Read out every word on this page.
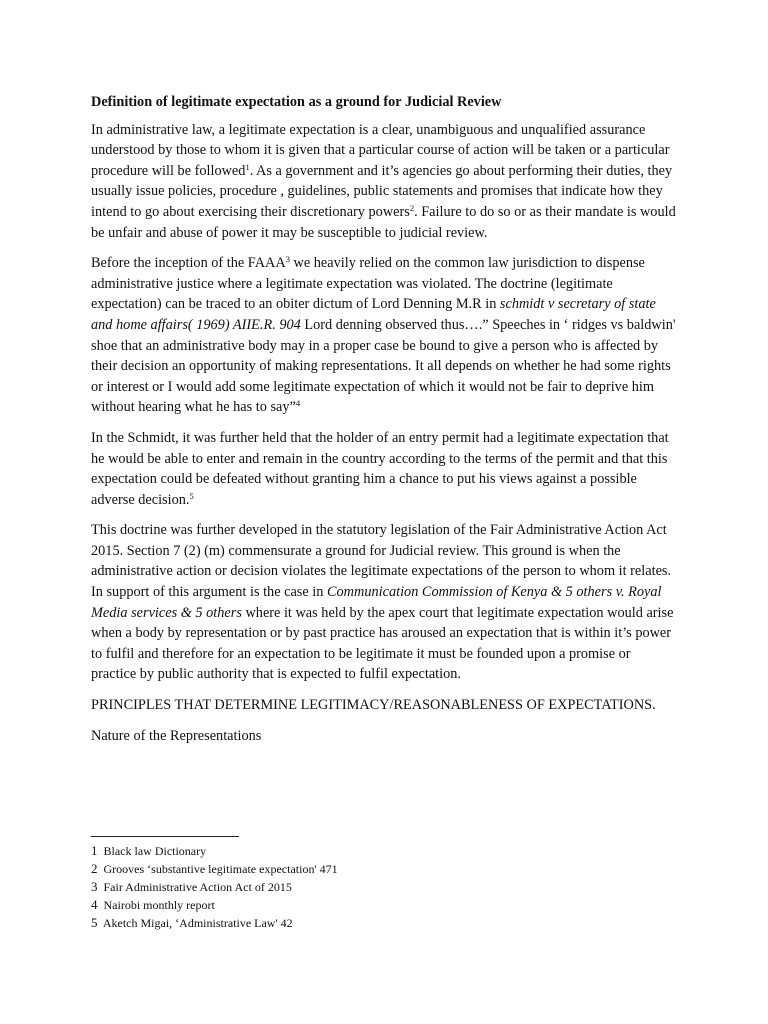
Definition of legitimate expectation as a ground for Judicial Review

In administrative law, a legitimate expectation is a clear, unambiguous and unqualified assurance understood by those to whom it is given that a particular course of action will be taken or a particular procedure will be followed$^1$. As a government and it’s agencies go about performing their duties, they usually issue policies, procedure , guidelines, public statements and promises that indicate how they intend to go about exercising their discretionary powers$^2$. Failure to do so or as their mandate is would be unfair and abuse of power it may be susceptible to judicial review.

Before the inception of the FAAA$^3$ we heavily relied on the common law jurisdiction to dispense administrative justice where a legitimate expectation was violated. The doctrine (legitimate expectation) can be traced to an obiter dictum of Lord Denning M.R in schmidt v secretary of state and home affairs( 1969) AIIE.R. 904 Lord denning observed thus….” Speeches in ‘ ridges vs baldwin' shoe that an administrative body may in a proper case be bound to give a person who is affected by their decision an opportunity of making representations. It all depends on whether he had some rights or interest or I would add some legitimate expectation of which it would not be fair to deprive him without hearing what he has to say”$^4$

In the Schmidt, it was further held that the holder of an entry permit had a legitimate expectation that he would be able to enter and remain in the country according to the terms of the permit and that this expectation could be defeated without granting him a chance to put his views against a possible adverse decision.$^5$

This doctrine was further developed in the statutory legislation of the Fair Administrative Action Act 2015. Section 7 (2) (m) commensurate a ground for Judicial review. This ground is when the administrative action or decision violates the legitimate expectations of the person to whom it relates. In support of this argument is the case in Communication Commission of Kenya & 5 others v. Royal Media services & 5 others where it was held by the apex court that legitimate expectation would arise when a body by representation or by past practice has aroused an expectation that is within it’s power to fulfil and therefore for an expectation to be legitimate it must be founded upon a promise or practice by public authority that is expected to fulfil expectation.

PRINCIPLES THAT DETERMINE LEGITIMACY/REASONABLENESS OF EXPECTATIONS.
Nature of the Representations
1 Black law Dictionary
2 Grooves ‘substantive legitimate expectation' 471
3 Fair Administrative Action Act of 2015
4 Nairobi monthly report
5 Aketch Migai, ‘Administrative Law' 42
